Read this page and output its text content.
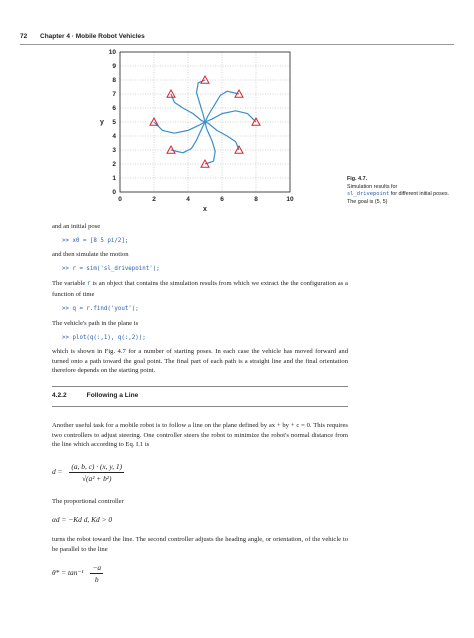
72 Chapter 4 · Mobile Robot Vehicles
0	2	4	6	8	10
0
1
2
3
4
5
6
7
8
9
10
x
y
Fig. 4.7.
Simulation results for
sl_drivepoint for different initial poses. The goal is (5, 5)
and an initial pose
>> x0 = [8 5 pi/2];
and then simulate the motion
>> r = sim('sl_drivepoint');
The variable r is an object that contains the simulation results from which we extract the the configuration as a function of time
>> q = r.find('yout');
The vehicle's path in the plane is
>> plot(q(:,1), q(:,2));
which is shown in Fig. 4.7 for a number of starting poses. In each case the vehicle has moved forward and turned onto a path toward the goal point. The final part of each path is a straight line and the final orientation therefore depends on the starting point.
4.2.2	Following a Line
Another useful task for a mobile robot is to follow a line on the plane defined by ax + by + c = 0. This requires two controllers to adjust steering. One controller steers the robot to minimize the robot's normal distance from the line which according to Eq. I.1 is
$d = \frac{(a, b, c) \cdot (x, y, 1)}{\text{√(a² + b²)}}$
The proportional controller
αd = −Kd d, Kd > 0
turns the robot toward the line. The second controller adjusts the heading angle, or orientation, of the vehicle to be parallel to the line
$\theta* = \tan^{-1} \frac{-a}{b}$
